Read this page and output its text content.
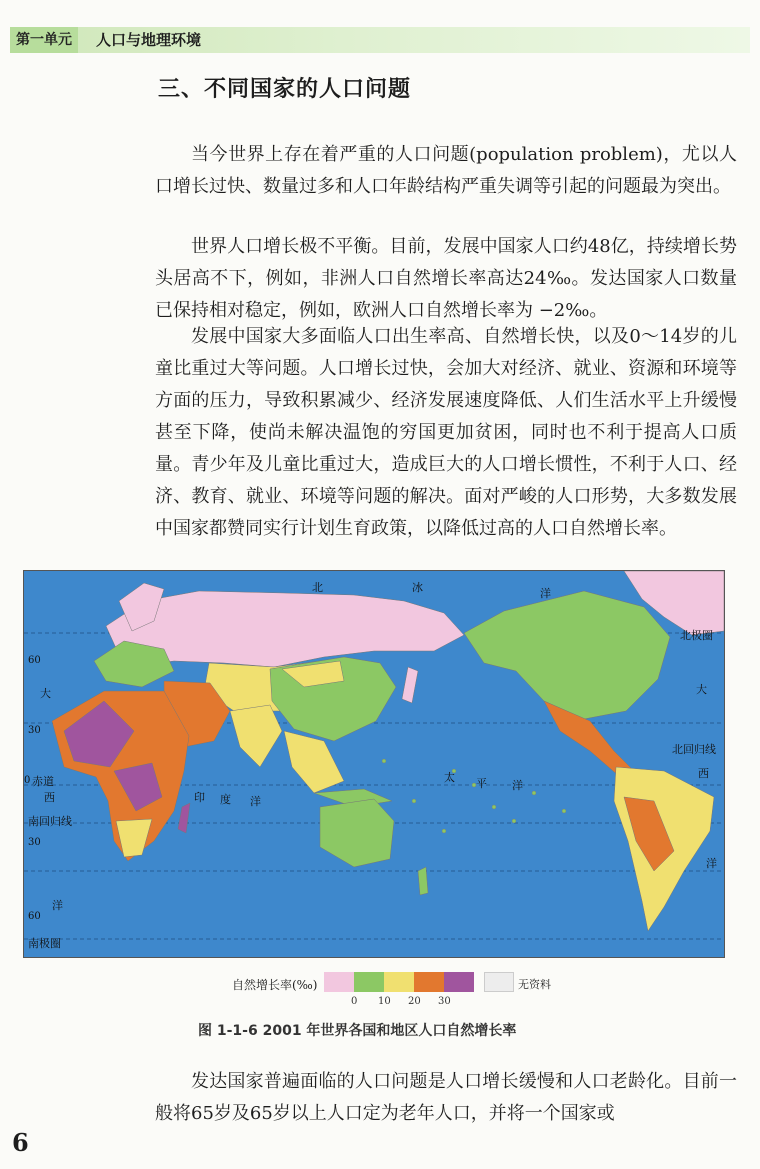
第一单元	人口与地理环境
三、不同国家的人口问题

当今世界上存在着严重的人口问题(population problem)，尤以人口增长过快、数量过多和人口年龄结构严重失调等引起的问题最为突出。

世界人口增长极不平衡。目前，发展中国家人口约48亿，持续增长势头居高不下，例如，非洲人口自然增长率高达24‰。发达国家人口数量已保持相对稳定，例如，欧洲人口自然增长率为 −2‰。

发展中国家大多面临人口出生率高、自然增长快，以及0～14岁的儿童比重过大等问题。人口增长过快，会加大对经济、就业、资源和环境等方面的压力，导致积累减少、经济发展速度降低、人们生活水平上升缓慢甚至下降，使尚未解决温饱的穷国更加贫困，同时也不利于提高人口质量。青少年及儿童比重过大，造成巨大的人口增长惯性，不利于人口、经济、教育、就业、环境等问题的解决。面对严峻的人口形势，大多数发展中国家都赞同实行计划生育政策，以降低过高的人口自然增长率。

北	冰	洋
大
西
洋
大
西
洋
太 平 洋
印 度 洋
北极圈
北回归线
赤道
南回归线
南极圈
60
30
0
30
60
自然增长率(‰)
0 10 20 30
无资料
图 1-1-6 2001 年世界各国和地区人口自然增长率

发达国家普遍面临的人口问题是人口增长缓慢和人口老龄化。目前一般将65岁及65岁以上人口定为老年人口，并将一个国家或

6
